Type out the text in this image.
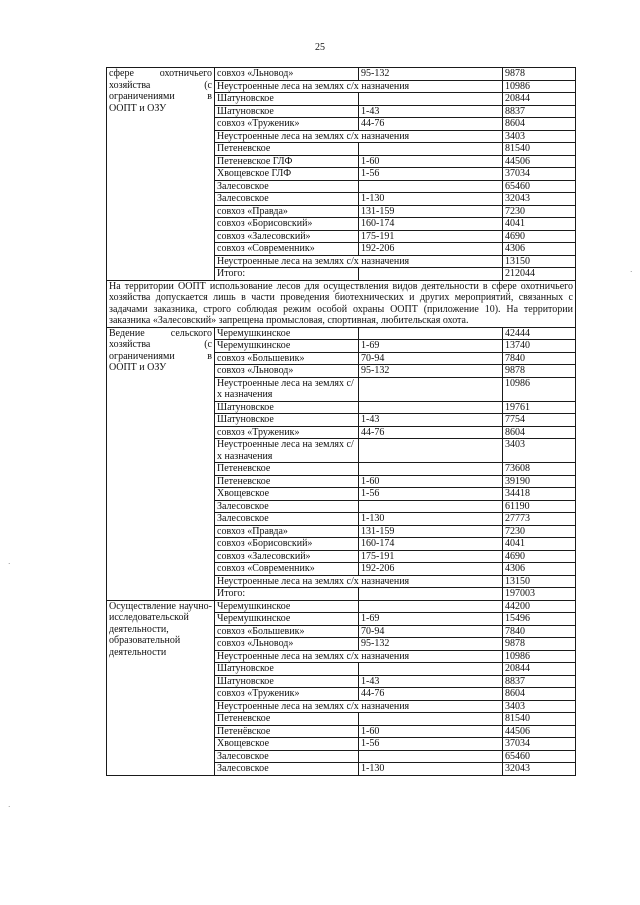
25
сфере охотничьего хозяйства (с ограничениями в ООПТ и ОЗУ	совхоз «Льновод»	95-132	9878
	Неустроенные леса на землях с/х назначения		10986
	Шатуновское		20844
	Шатуновское	1-43	8837
	совхоз «Труженик»	44-76	8604
	Неустроенные леса на землях с/х назначения		3403
	Петеневское		81540
	Петеневское ГЛФ	1-60	44506
	Хвощевское ГЛФ	1-56	37034
	Залесовское		65460
	Залесовское	1-130	32043
	совхоз «Правда»	131-159	7230
	совхоз «Борисовский»	160-174	4041
	совхоз «Залесовский»	175-191	4690
	совхоз «Современник»	192-206	4306
	Неустроенные леса на землях с/х назначения		13150
	Итого:		212044
На территории ООПТ использование лесов для осуществления видов деятельности в сфере охотничьего хозяйства допускается лишь в части проведения биотехнических и других мероприятий, связанных с задачами заказника, строго соблюдая режим особой охраны ООПТ (приложение 10). На территории заказника «Залесовский» запрещена промысловая, спортивная, любительская охота.			
Ведение сельского хозяйства (с ограничениями в ООПТ и ОЗУ	Черемушкинское		42444
	Черемушкинское	1-69	13740
	совхоз «Большевик»	70-94	7840
	совхоз «Льновод»	95-132	9878
	Неустроенные леса на землях с/х назначения		10986
	Шатуновское		19761
	Шатуновское	1-43	7754
	совхоз «Труженик»	44-76	8604
	Неустроенные леса на землях с/х назначения		3403
	Петеневское		73608
	Петеневское	1-60	39190
	Хвощевское	1-56	34418
	Залесовское		61190
	Залесовское	1-130	27773
	совхоз «Правда»	131-159	7230
	совхоз «Борисовский»	160-174	4041
	совхоз «Залесовский»	175-191	4690
	совхоз «Современник»	192-206	4306
	Неустроенные леса на землях с/х назначения		13150
	Итого:		197003
Осуществление научно-исследовательской деятельности, образовательной деятельности	Черемушкинское		44200
	Черемушкинское	1-69	15496
	совхоз «Большевик»	70-94	7840
	совхоз «Льновод»	95-132	9878
	Неустроенные леса на землях с/х назначения		10986
	Шатуновское		20844
	Шатуновское	1-43	8837
	совхоз «Труженик»	44-76	8604
	Неустроенные леса на землях с/х назначения		3403
	Петеневское		81540
	Петенёвское	1-60	44506
	Хвощевское	1-56	37034
	Залесовское		65460
	Залесовское	1-130	32043
·
·
·
